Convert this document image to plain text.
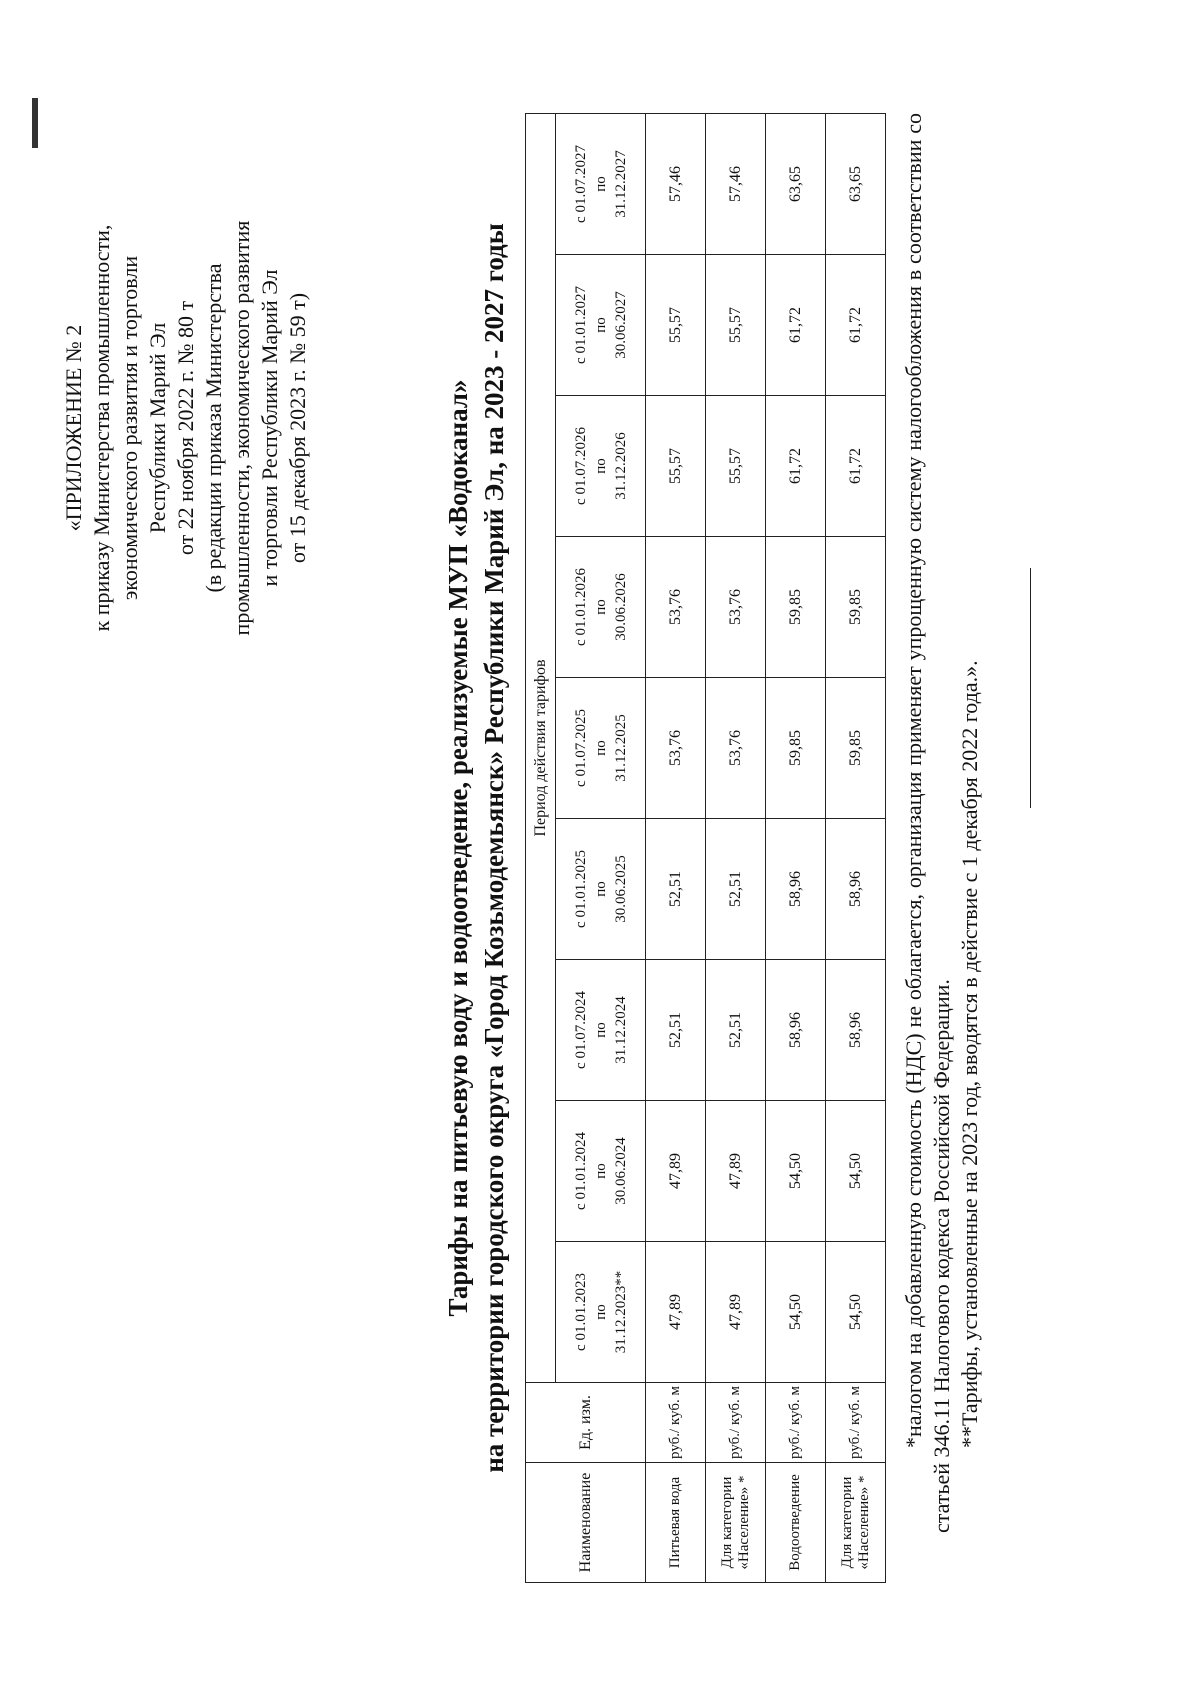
«ПРИЛОЖЕНИЕ № 2 к приказу Министерства промышленности, экономического развития и торговли Республики Марий Эл от 22 ноября 2022 г. № 80 т (в редакции приказа Министерства промышленности, экономического развития и торговли Республики Марий Эл от 15 декабря 2023 г. № 59 т)	Тарифы на питьевую воду и водоотведение, реализуемые МУП «Водоканал» на территории городского округа «Город Козьмодемьянск» Республики Марий Эл, на 2023 - 2027 годы
Наименование	Ед. изм.	Период действия тарифов								

		с 01.01.2023 по 31.12.2023**	с 01.01.2024 по 30.06.2024	с 01.07.2024 по 31.12.2024	с 01.01.2025 по 30.06.2025	с 01.07.2025 по 31.12.2025	с 01.01.2026 по 30.06.2026	с 01.07.2026 по 31.12.2026	с 01.01.2027 по 30.06.2027	с 01.07.2027 по 31.12.2027

Питьевая вода	руб./ куб. м	47,89	47,89	52,51	52,51	53,76	53,76	55,57	55,57	57,46
Для категории «Население» *	руб./ куб. м	47,89	47,89	52,51	52,51	53,76	53,76	55,57	55,57	57,46
Водоотведение	руб./ куб. м	54,50	54,50	58,96	58,96	59,85	59,85	61,72	61,72	63,65
Для категории «Население» *	руб./ куб. м	54,50	54,50	58,96	58,96	59,85	59,85	61,72	61,72	63,65 *налогом на добавленную стоимость (НДС) не облагается, организация применяет упрощенную систему налогообложения в соответствии со статьей 346.11 Налогового кодекса Российской Федерации. **Тарифы, установленные на 2023 год, вводятся в действие с 1 декабря 2022 года.».
